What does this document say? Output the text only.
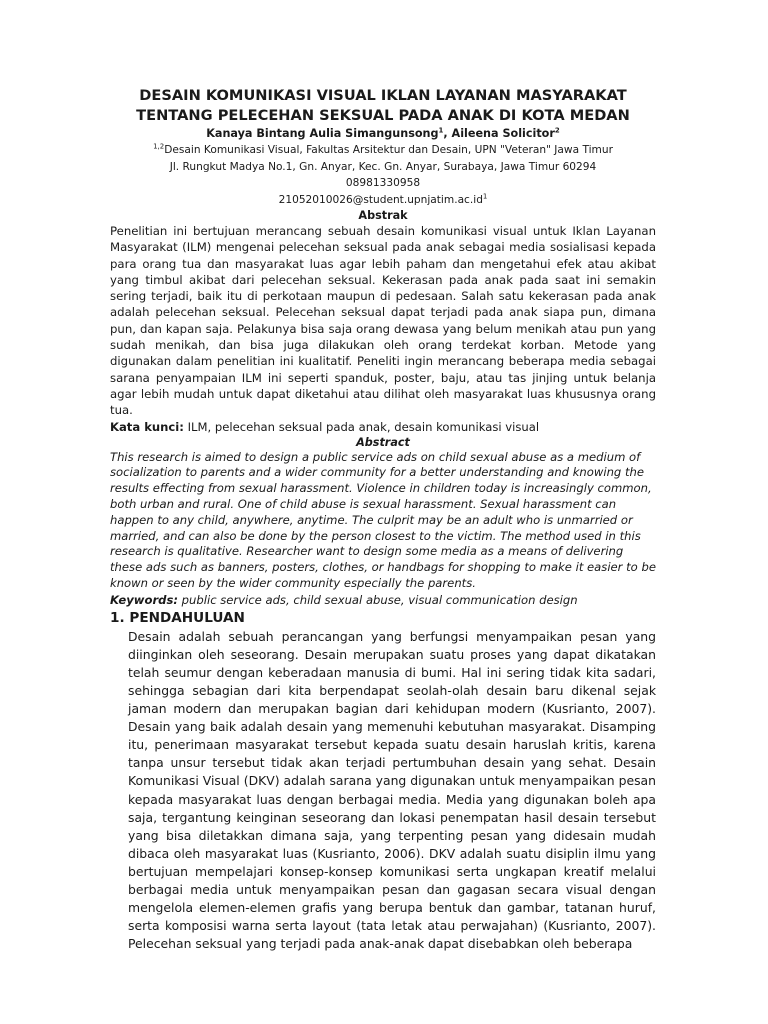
DESAIN KOMUNIKASI VISUAL IKLAN LAYANAN MASYARAKAT TENTANG PELECEHAN SEKSUAL PADA ANAK DI KOTA MEDAN

Kanaya Bintang Aulia Simangunsong$^1$, Aileena Solicitor$^2$

$^{1,2}$Desain Komunikasi Visual, Fakultas Arsitektur dan Desain, UPN "Veteran" Jawa Timur

Jl. Rungkut Madya No.1, Gn. Anyar, Kec. Gn. Anyar, Surabaya, Jawa Timur 60294

08981330958

$21052010026@student.upnjatim.ac.id^1$

Abstrak

Penelitian ini bertujuan merancang sebuah desain komunikasi visual untuk Iklan Layanan Masyarakat (ILM) mengenai pelecehan seksual pada anak sebagai media sosialisasi kepada para orang tua dan masyarakat luas agar lebih paham dan mengetahui efek atau akibat yang timbul akibat dari pelecehan seksual. Kekerasan pada anak pada saat ini semakin sering terjadi, baik itu di perkotaan maupun di pedesaan. Salah satu kekerasan pada anak adalah pelecehan seksual. Pelecehan seksual dapat terjadi pada anak siapa pun, dimana pun, dan kapan saja. Pelakunya bisa saja orang dewasa yang belum menikah atau pun yang sudah menikah, dan bisa juga dilakukan oleh orang terdekat korban. Metode yang digunakan dalam penelitian ini kualitatif. Peneliti ingin merancang beberapa media sebagai sarana penyampaian ILM ini seperti spanduk, poster, baju, atau tas jinjing untuk belanja agar lebih mudah untuk dapat diketahui atau dilihat oleh masyarakat luas khususnya orang tua.

Kata kunci: ILM, pelecehan seksual pada anak, desain komunikasi visual

Abstract

This research is aimed to design a public service ads on child sexual abuse as a medium of socialization to parents and a wider community for a better understanding and knowing the results effecting from sexual harassment. Violence in children today is increasingly common, both urban and rural. One of child abuse is sexual harassment. Sexual harassment can happen to any child, anywhere, anytime. The culprit may be an adult who is unmarried or married, and can also be done by the person closest to the victim. The method used in this research is qualitative. Researcher want to design some media as a means of delivering these ads such as banners, posters, clothes, or handbags for shopping to make it easier to be known or seen by the wider community especially the parents.

Keywords: public service ads, child sexual abuse, visual communication design

1. PENDAHULUAN

Desain adalah sebuah perancangan yang berfungsi menyampaikan pesan yang diinginkan oleh seseorang. Desain merupakan suatu proses yang dapat dikatakan telah seumur dengan keberadaan manusia di bumi. Hal ini sering tidak kita sadari, sehingga sebagian dari kita berpendapat seolah-olah desain baru dikenal sejak jaman modern dan merupakan bagian dari kehidupan modern (Kusrianto, 2007). Desain yang baik adalah desain yang memenuhi kebutuhan masyarakat. Disamping itu, penerimaan masyarakat tersebut kepada suatu desain haruslah kritis, karena tanpa unsur tersebut tidak akan terjadi pertumbuhan desain yang sehat. Desain Komunikasi Visual (DKV) adalah sarana yang digunakan untuk menyampaikan pesan kepada masyarakat luas dengan berbagai media. Media yang digunakan boleh apa saja, tergantung keinginan seseorang dan lokasi penempatan hasil desain tersebut yang bisa diletakkan dimana saja, yang terpenting pesan yang didesain mudah dibaca oleh masyarakat luas (Kusrianto, 2006). DKV adalah suatu disiplin ilmu yang bertujuan mempelajari konsep-konsep komunikasi serta ungkapan kreatif melalui berbagai media untuk menyampaikan pesan dan gagasan secara visual dengan mengelola elemen-elemen grafis yang berupa bentuk dan gambar, tatanan huruf, serta komposisi warna serta layout (tata letak atau perwajahan) (Kusrianto, 2007). Pelecehan seksual yang terjadi pada anak-anak dapat disebabkan oleh beberapa
